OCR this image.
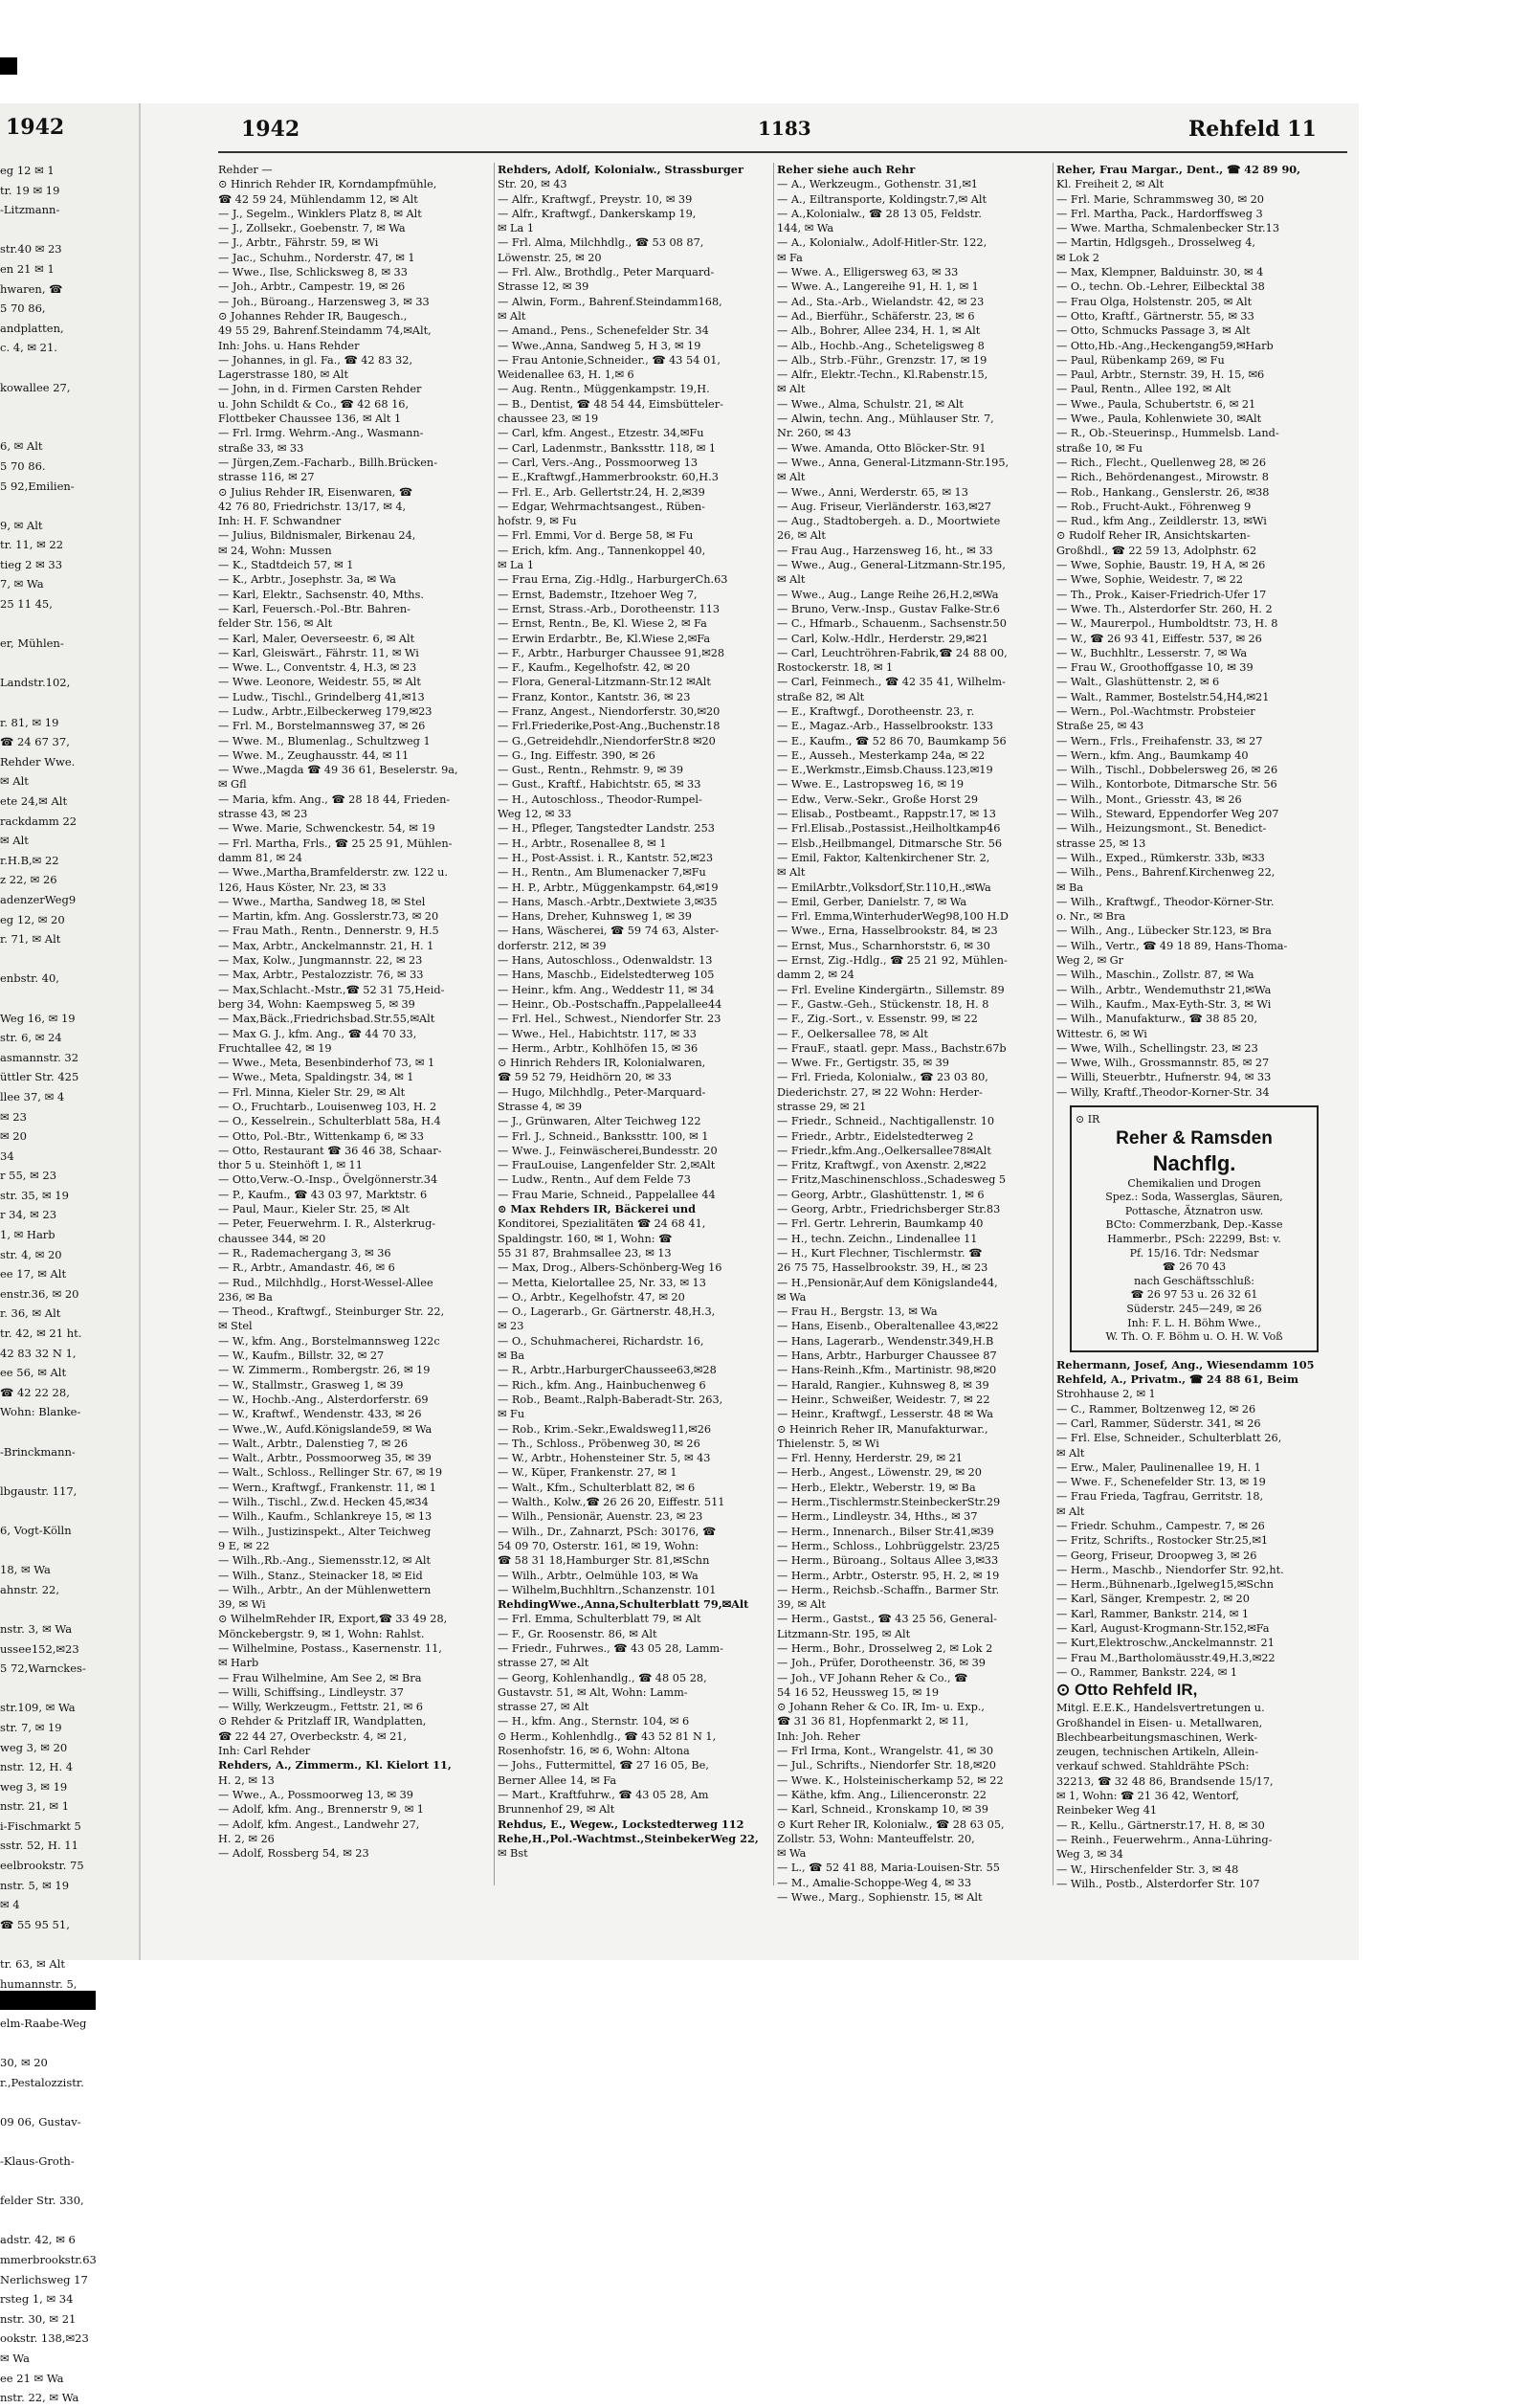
1942
eg 12 ✉ 1
tr. 19 ✉ 19
-Litzmann-
str.40 ✉ 23
en 21 ✉ 1
hwaren, ☎
5 70 86,
andplatten,
c. 4, ✉ 21.
kowallee 27,
6, ✉ Alt
5 70 86.
5 92,Emilien-
9, ✉ Alt
tr. 11, ✉ 22
tieg 2 ✉ 33
7, ✉ Wa
25 11 45,
er, Mühlen-
Landstr.102,
r. 81, ✉ 19
☎ 24 67 37,
Rehder Wwe.
✉ Alt
ete 24,✉ Alt
rackdamm 22
✉ Alt
r.H.B,✉ 22
z 22, ✉ 26
adenzerWeg9
eg 12, ✉ 20
r. 71, ✉ Alt
enbstr. 40,
Weg 16, ✉ 19
str. 6, ✉ 24
asmannstr. 32
üttler Str. 425
llee 37, ✉ 4
✉ 23
✉ 20
34
r 55, ✉ 23
str. 35, ✉ 19
r 34, ✉ 23
1, ✉ Harb
str. 4, ✉ 20
ee 17, ✉ Alt
enstr.36, ✉ 20
r. 36, ✉ Alt
tr. 42, ✉ 21 ht.
42 83 32 N 1,
ee 56, ✉ Alt
☎ 42 22 28,
Wohn: Blanke-
-Brinckmann-
lbgaustr. 117,
6, Vogt-Kölln
18, ✉ Wa
ahnstr. 22,
nstr. 3, ✉ Wa
ussee152,✉23
5 72,Warnckes-
str.109, ✉ Wa
str. 7, ✉ 19
weg 3, ✉ 20
nstr. 12, H. 4
weg 3, ✉ 19
nstr. 21, ✉ 1
i-Fischmarkt 5
sstr. 52, H. 11
eelbrookstr. 75
nstr. 5, ✉ 19
✉ 4
☎ 55 95 51,
tr. 63, ✉ Alt
humannstr. 5,
elm-Raabe-Weg
30, ✉ 20
r.,Pestalozzistr.
09 06, Gustav-
-Klaus-Groth-
felder Str. 330,
adstr. 42, ✉ 6
mmerbrookstr.63
Nerlichsweg 17
rsteg 1, ✉ 34
nstr. 30, ✉ 21
ookstr. 138,✉23
✉ Wa
ee 21 ✉ Wa
nstr. 22, ✉ Wa
1942	1183	Rehfeld 11
Rehder —
⊙ Hinrich Rehder IR, Korndampfmühle,
☎ 42 59 24, Mühlendamm 12, ✉ Alt
— J., Segelm., Winklers Platz 8, ✉ Alt
— J., Zollsekr., Goebenstr. 7, ✉ Wa
— J., Arbtr., Fährstr. 59, ✉ Wi
— Jac., Schuhm., Norderstr. 47, ✉ 1
— Wwe., Ilse, Schlicksweg 8, ✉ 33
— Joh., Arbtr., Campestr. 19, ✉ 26
— Joh., Büroang., Harzensweg 3, ✉ 33
⊙ Johannes Rehder IR, Baugesch.,
49 55 29, Bahrenf.Steindamm 74,✉Alt,
Inh: Johs. u. Hans Rehder
— Johannes, in gl. Fa., ☎ 42 83 32,
Lagerstrasse 180, ✉ Alt
— John, in d. Firmen Carsten Rehder
u. John Schildt & Co., ☎ 42 68 16,
Flottbeker Chaussee 136, ✉ Alt 1
— Frl. Irmg. Wehrm.-Ang., Wasmann-
straße 33, ✉ 33
— Jürgen,Zem.-Facharb., Billh.Brücken-
strasse 116, ✉ 27
⊙ Julius Rehder IR, Eisenwaren, ☎
42 76 80, Friedrichstr. 13/17, ✉ 4,
Inh: H. F. Schwandner
— Julius, Bildnismaler, Birkenau 24,
✉ 24, Wohn: Mussen
— K., Stadtdeich 57, ✉ 1
— K., Arbtr., Josephstr. 3a, ✉ Wa
— Karl, Elektr., Sachsenstr. 40, Mths.
— Karl, Feuersch.-Pol.-Btr. Bahren-
felder Str. 156, ✉ Alt
— Karl, Maler, Oeverseestr. 6, ✉ Alt
— Karl, Gleiswärt., Fährstr. 11, ✉ Wi
— Wwe. L., Conventstr. 4, H.3, ✉ 23
— Wwe. Leonore, Weidestr. 55, ✉ Alt
— Ludw., Tischl., Grindelberg 41,✉13
— Ludw., Arbtr.,Eilbeckerweg 179,✉23
— Frl. M., Borstelmannsweg 37, ✉ 26
— Wwe. M., Blumenlag., Schultzweg 1
— Wwe. M., Zeughausstr. 44, ✉ 11
— Wwe.,Magda ☎ 49 36 61, Beselerstr. 9a,
✉ Gfl
— Maria, kfm. Ang., ☎ 28 18 44, Frieden-
strasse 43, ✉ 23
— Wwe. Marie, Schwenckestr. 54, ✉ 19
— Frl. Martha, Frls., ☎ 25 25 91, Mühlen-
damm 81, ✉ 24
— Wwe.,Martha,Bramfelderstr. zw. 122 u.
126, Haus Köster, Nr. 23, ✉ 33
— Wwe., Martha, Sandweg 18, ✉ Stel
— Martin, kfm. Ang. Gosslerstr.73, ✉ 20
— Frau Math., Rentn., Dennerstr. 9, H.5
— Max, Arbtr., Anckelmannstr. 21, H. 1
— Max, Kolw., Jungmannstr. 22, ✉ 23
— Max, Arbtr., Pestalozzistr. 76, ✉ 33
— Max,Schlacht.-Mstr.,☎ 52 31 75,Heid-
berg 34, Wohn: Kaempsweg 5, ✉ 39
— Max,Bäck.,Friedrichsbad.Str.55,✉Alt
— Max G. J., kfm. Ang., ☎ 44 70 33,
Fruchtallee 42, ✉ 19
— Wwe., Meta, Besenbinderhof 73, ✉ 1
— Wwe., Meta, Spaldingstr. 34, ✉ 1
— Frl. Minna, Kieler Str. 29, ✉ Alt
— O., Fruchtarb., Louisenweg 103, H. 2
— O., Kesselrein., Schulterblatt 58a, H.4
— Otto, Pol.-Btr., Wittenkamp 6, ✉ 33
— Otto, Restaurant ☎ 36 46 38, Schaar-
thor 5 u. Steinhöft 1, ✉ 11
— Otto,Verw.-O.-Insp., Övelgönnerstr.34
— P., Kaufm., ☎ 43 03 97, Marktstr. 6
— Paul, Maur., Kieler Str. 25, ✉ Alt
— Peter, Feuerwehrm. I. R., Alsterkrug-
chaussee 344, ✉ 20
— R., Rademachergang 3, ✉ 36
— R., Arbtr., Amandastr. 46, ✉ 6
— Rud., Milchhdlg., Horst-Wessel-Allee
236, ✉ Ba
— Theod., Kraftwgf., Steinburger Str. 22,
✉ Stel
— W., kfm. Ang., Borstelmannsweg 122c
— W., Kaufm., Billstr. 32, ✉ 27
— W. Zimmerm., Rombergstr. 26, ✉ 19
— W., Stallmstr., Grasweg 1, ✉ 39
— W., Hochb.-Ang., Alsterdorferstr. 69
— W., Kraftwf., Wendenstr. 433, ✉ 26
— Wwe.,W., Aufd.Königslande59, ✉ Wa
— Walt., Arbtr., Dalenstieg 7, ✉ 26
— Walt., Arbtr., Possmoorweg 35, ✉ 39
— Walt., Schloss., Rellinger Str. 67, ✉ 19
— Wern., Kraftwgf., Frankenstr. 11, ✉ 1
— Wilh., Tischl., Zw.d. Hecken 45,✉34
— Wilh., Kaufm., Schlankreye 15, ✉ 13
— Wilh., Justizinspekt., Alter Teichweg
9 E, ✉ 22
— Wilh.,Rb.-Ang., Siemensstr.12, ✉ Alt
— Wilh., Stanz., Steinacker 18, ✉ Eid
— Wilh., Arbtr., An der Mühlenwettern
39, ✉ Wi
⊙ WilhelmRehder IR, Export,☎ 33 49 28,
Mönckebergstr. 9, ✉ 1, Wohn: Rahlst.
— Wilhelmine, Postass., Kasernenstr. 11,
✉ Harb
— Frau Wilhelmine, Am See 2, ✉ Bra
— Willi, Schiffsing., Lindleystr. 37
— Willy, Werkzeugm., Fettstr. 21, ✉ 6
⊙ Rehder & Pritzlaff IR, Wandplatten,
☎ 22 44 27, Overbeckstr. 4, ✉ 21,
Inh: Carl Rehder
Rehders, A., Zimmerm., Kl. Kielort 11,
H. 2, ✉ 13
— Wwe., A., Possmoorweg 13, ✉ 39
— Adolf, kfm. Ang., Brennerstr 9, ✉ 1
— Adolf, kfm. Angest., Landwehr 27,
H. 2, ✉ 26
— Adolf, Rossberg 54, ✉ 23
Rehders, Adolf, Kolonialw., Strassburger
Str. 20, ✉ 43
— Alfr., Kraftwgf., Preystr. 10, ✉ 39
— Alfr., Kraftwgf., Dankerskamp 19,
✉ La 1
— Frl. Alma, Milchhdlg., ☎ 53 08 87,
Löwenstr. 25, ✉ 20
— Frl. Alw., Brothdlg., Peter Marquard-
Strasse 12, ✉ 39
— Alwin, Form., Bahrenf.Steindamm168,
✉ Alt
— Amand., Pens., Schenefelder Str. 34
— Wwe.,Anna, Sandweg 5, H 3, ✉ 19
— Frau Antonie,Schneider., ☎ 43 54 01,
Weidenallee 63, H. 1,✉ 6
— Aug. Rentn., Müggenkampstr. 19,H.
— B., Dentist, ☎ 48 54 44, Eimsbütteler-
chaussee 23, ✉ 19
— Carl, kfm. Angest., Etzestr. 34,✉Fu
— Carl, Ladenmstr., Bankssttr. 118, ✉ 1
— Carl, Vers.-Ang., Possmoorweg 13
— E.,Kraftwgf.,Hammerbrookstr. 60,H.3
— Frl. E., Arb. Gellertstr.24, H. 2,✉39
— Edgar, Wehrmachtsangest., Rüben-
hofstr. 9, ✉ Fu
— Frl. Emmi, Vor d. Berge 58, ✉ Fu
— Erich, kfm. Ang., Tannenkoppel 40,
✉ La 1
— Frau Erna, Zig.-Hdlg., HarburgerCh.63
— Ernst, Bademstr., Itzehoer Weg 7,
— Ernst, Strass.-Arb., Dorotheenstr. 113
— Ernst, Rentn., Be, Kl. Wiese 2, ✉ Fa
— Erwin Erdarbtr., Be, Kl.Wiese 2,✉Fa
— F., Arbtr., Harburger Chaussee 91,✉28
— F., Kaufm., Kegelhofstr. 42, ✉ 20
— Flora, General-Litzmann-Str.12 ✉Alt
— Franz, Kontor., Kantstr. 36, ✉ 23
— Franz, Angest., Niendorferstr. 30,✉20
— Frl.Friederike,Post-Ang.,Buchenstr.18
— G.,Getreidehdlr.,NiendorferStr.8 ✉20
— G., Ing. Eiffestr. 390, ✉ 26
— Gust., Rentn., Rehmstr. 9, ✉ 39
— Gust., Kraftf., Habichtstr. 65, ✉ 33
— H., Autoschloss., Theodor-Rumpel-
Weg 12, ✉ 33
— H., Pfleger, Tangstedter Landstr. 253
— H., Arbtr., Rosenallee 8, ✉ 1
— H., Post-Assist. i. R., Kantstr. 52,✉23
— H., Rentn., Am Blumenacker 7,✉Fu
— H. P., Arbtr., Müggenkampstr. 64,✉19
— Hans, Masch.-Arbtr.,Dextwiete 3,✉35
— Hans, Dreher, Kuhnsweg 1, ✉ 39
— Hans, Wäscherei, ☎ 59 74 63, Alster-
dorferstr. 212, ✉ 39
— Hans, Autoschloss., Odenwaldstr. 13
— Hans, Maschb., Eidelstedterweg 105
— Heinr., kfm. Ang., Weddestr 11, ✉ 34
— Heinr., Ob.-Postschaffn.,Pappelallee44
— Frl. Hel., Schwest., Niendorfer Str. 23
— Wwe., Hel., Habichtstr. 117, ✉ 33
— Herm., Arbtr., Kohlhöfen 15, ✉ 36
⊙ Hinrich Rehders IR, Kolonialwaren,
☎ 59 52 79, Heidhörn 20, ✉ 33
— Hugo, Milchhdlg., Peter-Marquard-
Strasse 4, ✉ 39
— J., Grünwaren, Alter Teichweg 122
— Frl. J., Schneid., Bankssttr. 100, ✉ 1
— Wwe. J., Feinwäscherei,Bundesstr. 20
— FrauLouise, Langenfelder Str. 2,✉Alt
— Ludw., Rentn., Auf dem Felde 73
— Frau Marie, Schneid., Pappelallee 44
⊙ Max Rehders IR, Bäckerei und
Konditorei, Spezialitäten ☎ 24 68 41,
Spaldingstr. 160, ✉ 1, Wohn: ☎
55 31 87, Brahmsallee 23, ✉ 13
— Max, Drog., Albers-Schönberg-Weg 16
— Metta, Kielortallee 25, Nr. 33, ✉ 13
— O., Arbtr., Kegelhofstr. 47, ✉ 20
— O., Lagerarb., Gr. Gärtnerstr. 48,H.3,
✉ 23
— O., Schuhmacherei, Richardstr. 16,
✉ Ba
— R., Arbtr.,HarburgerChaussee63,✉28
— Rich., kfm. Ang., Hainbuchenweg 6
— Rob., Beamt.,Ralph-Baberadt-Str. 263,
✉ Fu
— Rob., Krim.-Sekr.,Ewaldsweg11,✉26
— Th., Schloss., Pröbenweg 30, ✉ 26
— W., Arbtr., Hohensteiner Str. 5, ✉ 43
— W., Küper, Frankenstr. 27, ✉ 1
— Walt., Kfm., Schulterblatt 82, ✉ 6
— Walth., Kolw.,☎ 26 26 20, Eiffestr. 511
— Wilh., Pensionär, Auenstr. 23, ✉ 23
— Wilh., Dr., Zahnarzt, PSch: 30176, ☎
54 09 70, Osterstr. 161, ✉ 19, Wohn:
☎ 58 31 18,Hamburger Str. 81,✉Schn
— Wilh., Arbtr., Oelmühle 103, ✉ Wa
— Wilhelm,Buchhltrn.,Schanzenstr. 101
RehdingWwe.,Anna,Schulterblatt 79,✉Alt
— Frl. Emma, Schulterblatt 79, ✉ Alt
— F., Gr. Roosenstr. 86, ✉ Alt
— Friedr., Fuhrwes., ☎ 43 05 28, Lamm-
strasse 27, ✉ Alt
— Georg, Kohlenhandlg., ☎ 48 05 28,
Gustavstr. 51, ✉ Alt, Wohn: Lamm-
strasse 27, ✉ Alt
— H., kfm. Ang., Sternstr. 104, ✉ 6
⊙ Herm., Kohlenhdlg., ☎ 43 52 81 N 1,
Rosenhofstr. 16, ✉ 6, Wohn: Altona
— Johs., Futtermittel, ☎ 27 16 05, Be,
Berner Allee 14, ✉ Fa
— Mart., Kraftfuhrw., ☎ 43 05 28, Am
Brunnenhof 29, ✉ Alt
Rehdus, E., Wegew., Lockstedterweg 112
Rehe,H.,Pol.-Wachtmst.,SteinbekerWeg 22,
✉ Bst
Reher siehe auch Rehr
— A., Werkzeugm., Gothenstr. 31,✉1
— A., Eiltransporte, Koldingstr.7,✉ Alt
— A.,Kolonialw., ☎ 28 13 05, Feldstr.
144, ✉ Wa
— A., Kolonialw., Adolf-Hitler-Str. 122,
✉ Fa
— Wwe. A., Elligersweg 63, ✉ 33
— Wwe. A., Langereihe 91, H. 1, ✉ 1
— Ad., Sta.-Arb., Wielandstr. 42, ✉ 23
— Ad., Bierführ., Schäferstr. 23, ✉ 6
— Alb., Bohrer, Allee 234, H. 1, ✉ Alt
— Alb., Hochb.-Ang., Scheteligsweg 8
— Alb., Strb.-Führ., Grenzstr. 17, ✉ 19
— Alfr., Elektr.-Techn., Kl.Rabenstr.15,
✉ Alt
— Wwe., Alma, Schulstr. 21, ✉ Alt
— Alwin, techn. Ang., Mühlauser Str. 7,
Nr. 260, ✉ 43
— Wwe. Amanda, Otto Blöcker-Str. 91
— Wwe., Anna, General-Litzmann-Str.195,
✉ Alt
— Wwe., Anni, Werderstr. 65, ✉ 13
— Aug. Friseur, Vierländerstr. 163,✉27
— Aug., Stadtobergeh. a. D., Moortwiete
26, ✉ Alt
— Frau Aug., Harzensweg 16, ht., ✉ 33
— Wwe., Aug., General-Litzmann-Str.195,
✉ Alt
— Wwe., Aug., Lange Reihe 26,H.2,✉Wa
— Bruno, Verw.-Insp., Gustav Falke-Str.6
— C., Hfmarb., Schauenm., Sachsenstr.50
— Carl, Kolw.-Hdlr., Herderstr. 29,✉21
— Carl, Leuchtröhren-Fabrik,☎ 24 88 00,
Rostockerstr. 18, ✉ 1
— Carl, Feinmech., ☎ 42 35 41, Wilhelm-
straße 82, ✉ Alt
— E., Kraftwgf., Dorotheenstr. 23, r.
— E., Magaz.-Arb., Hasselbrookstr. 133
— E., Kaufm., ☎ 52 86 70, Baumkamp 56
— E., Ausseh., Mesterkamp 24a, ✉ 22
— E.,Werkmstr.,Eimsb.Chauss.123,✉19
— Wwe. E., Lastropsweg 16, ✉ 19
— Edw., Verw.-Sekr., Große Horst 29
— Elisab., Postbeamt., Rappstr.17, ✉ 13
— Frl.Elisab.,Postassist.,Heilholtkamp46
— Elsb.,Heilbmangel, Ditmarsche Str. 56
— Emil, Faktor, Kaltenkirchener Str. 2,
✉ Alt
— EmilArbtr.,Volksdorf,Str.110,H.,✉Wa
— Emil, Gerber, Danielstr. 7, ✉ Wa
— Frl. Emma,WinterhuderWeg98,100 H.D
— Wwe., Erna, Hasselbrookstr. 84, ✉ 23
— Ernst, Mus., Scharnhorststr. 6, ✉ 30
— Ernst, Zig.-Hdlg., ☎ 25 21 92, Mühlen-
damm 2, ✉ 24
— Frl. Eveline Kindergärtn., Sillemstr. 89
— F., Gastw.-Geh., Stückenstr. 18, H. 8
— F., Zig.-Sort., v. Essenstr. 99, ✉ 22
— F., Oelkersallee 78, ✉ Alt
— FrauF., staatl. gepr. Mass., Bachstr.67b
— Wwe. Fr., Gertigstr. 35, ✉ 39
— Frl. Frieda, Kolonialw., ☎ 23 03 80,
Diederichstr. 27, ✉ 22 Wohn: Herder-
strasse 29, ✉ 21
— Friedr., Schneid., Nachtigallenstr. 10
— Friedr., Arbtr., Eidelstedterweg 2
— Friedr.,kfm.Ang.,Oelkersallee78✉Alt
— Fritz, Kraftwgf., von Axenstr. 2,✉22
— Fritz,Maschinenschloss.,Schadesweg 5
— Georg, Arbtr., Glashüttenstr. 1, ✉ 6
— Georg, Arbtr., Friedrichsberger Str.83
— Frl. Gertr. Lehrerin, Baumkamp 40
— H., techn. Zeichn., Lindenallee 11
— H., Kurt Flechner, Tischlermstr. ☎
26 75 75, Hasselbrookstr. 39, H., ✉ 23
— H.,Pensionär,Auf dem Königslande44,
✉ Wa
— Frau H., Bergstr. 13, ✉ Wa
— Hans, Eisenb., Oberaltenallee 43,✉22
— Hans, Lagerarb., Wendenstr.349,H.B
— Hans, Arbtr., Harburger Chaussee 87
— Hans-Reinh.,Kfm., Martinistr. 98,✉20
— Harald, Rangier., Kuhnsweg 8, ✉ 39
— Heinr., Schweißer, Weidestr. 7, ✉ 22
— Heinr., Kraftwgf., Lesserstr. 48 ✉ Wa
⊙ Heinrich Reher IR, Manufakturwar.,
Thielenstr. 5, ✉ Wi
— Frl. Henny, Herderstr. 29, ✉ 21
— Herb., Angest., Löwenstr. 29, ✉ 20
— Herb., Elektr., Weberstr. 19, ✉ Ba
— Herm.,Tischlermstr.SteinbeckerStr.29
— Herm., Lindleystr. 34, Hths., ✉ 37
— Herm., Innenarch., Bilser Str.41,✉39
— Herm., Schloss., Lohbrüggelstr. 23/25
— Herm., Büroang., Soltaus Allee 3,✉33
— Herm., Arbtr., Osterstr. 95, H. 2, ✉ 19
— Herm., Reichsb.-Schaffn., Barmer Str.
39, ✉ Alt
— Herm., Gastst., ☎ 43 25 56, General-
Litzmann-Str. 195, ✉ Alt
— Herm., Bohr., Drosselweg 2, ✉ Lok 2
— Joh., Prüfer, Dorotheenstr. 36, ✉ 39
— Joh., VF Johann Reher & Co., ☎
54 16 52, Heussweg 15, ✉ 19
⊙ Johann Reher & Co. IR, Im- u. Exp.,
☎ 31 36 81, Hopfenmarkt 2, ✉ 11,
Inh: Joh. Reher
— Frl Irma, Kont., Wrangelstr. 41, ✉ 30
— Jul., Schrifts., Niendorfer Str. 18,✉20
— Wwe. K., Holsteinischerkamp 52, ✉ 22
— Käthe, kfm. Ang., Lilienceronstr. 22
— Karl, Schneid., Kronskamp 10, ✉ 39
⊙ Kurt Reher IR, Kolonialw., ☎ 28 63 05,
Zollstr. 53, Wohn: Manteuffelstr. 20,
✉ Wa
— L., ☎ 52 41 88, Maria-Louisen-Str. 55
— M., Amalie-Schoppe-Weg 4, ✉ 33
— Wwe., Marg., Sophienstr. 15, ✉ Alt
Reher, Frau Margar., Dent., ☎ 42 89 90,
Kl. Freiheit 2, ✉ Alt
— Frl. Marie, Schrammsweg 30, ✉ 20
— Frl. Martha, Pack., Hardorffsweg 3
— Wwe. Martha, Schmalenbecker Str.13
— Martin, Hdlgsgeh., Drosselweg 4,
✉ Lok 2
— Max, Klempner, Balduinstr. 30, ✉ 4
— O., techn. Ob.-Lehrer, Eilbecktal 38
— Frau Olga, Holstenstr. 205, ✉ Alt
— Otto, Kraftf., Gärtnerstr. 55, ✉ 33
— Otto, Schmucks Passage 3, ✉ Alt
— Otto,Hb.-Ang.,Heckengang59,✉Harb
— Paul, Rübenkamp 269, ✉ Fu
— Paul, Arbtr., Sternstr. 39, H. 15, ✉6
— Paul, Rentn., Allee 192, ✉ Alt
— Wwe., Paula, Schubertstr. 6, ✉ 21
— Wwe., Paula, Kohlenwiete 30, ✉Alt
— R., Ob.-Steuerinsp., Hummelsb. Land-
straße 10, ✉ Fu
— Rich., Flecht., Quellenweg 28, ✉ 26
— Rich., Behördenangest., Mirowstr. 8
— Rob., Hankang., Genslerstr. 26, ✉38
— Rob., Frucht-Aukt., Föhrenweg 9
— Rud., kfm Ang., Zeildlerstr. 13, ✉Wi
⊙ Rudolf Reher IR, Ansichtskarten-
Großhdl., ☎ 22 59 13, Adolphstr. 62
— Wwe, Sophie, Baustr. 19, H A, ✉ 26
— Wwe, Sophie, Weidestr. 7, ✉ 22
— Th., Prok., Kaiser-Friedrich-Ufer 17
— Wwe. Th., Alsterdorfer Str. 260, H. 2
— W., Maurerpol., Humboldtstr. 73, H. 8
— W., ☎ 26 93 41, Eiffestr. 537, ✉ 26
— W., Buchhltr., Lesserstr. 7, ✉ Wa
— Frau W., Groothoffgasse 10, ✉ 39
— Walt., Glashüttenstr. 2, ✉ 6
— Walt., Rammer, Bostelstr.54,H4,✉21
— Wern., Pol.-Wachtmstr. Probsteier
Straße 25, ✉ 43
— Wern., Frls., Freihafenstr. 33, ✉ 27
— Wern., kfm. Ang., Baumkamp 40
— Wilh., Tischl., Dobbelersweg 26, ✉ 26
— Wilh., Kontorbote, Ditmarsche Str. 56
— Wilh., Mont., Griesstr. 43, ✉ 26
— Wilh., Steward, Eppendorfer Weg 207
— Wilh., Heizungsmont., St. Benedict-
strasse 25, ✉ 13
— Wilh., Exped., Rümkerstr. 33b, ✉33
— Wilh., Pens., Bahrenf.Kirchenweg 22,
✉ Ba
— Wilh., Kraftwgf., Theodor-Körner-Str.
o. Nr., ✉ Bra
— Wilh., Ang., Lübecker Str.123, ✉ Bra
— Wilh., Vertr., ☎ 49 18 89, Hans-Thoma-
Weg 2, ✉ Gr
— Wilh., Maschin., Zollstr. 87, ✉ Wa
— Wilh., Arbtr., Wendemuthstr 21,✉Wa
— Wilh., Kaufm., Max-Eyth-Str. 3, ✉ Wi
— Wilh., Manufakturw., ☎ 38 85 20,
Wittestr. 6, ✉ Wi
— Wwe, Wilh., Schellingstr. 23, ✉ 23
— Wwe, Wilh., Grossmannstr. 85, ✉ 27
— Willi, Steuerbtr., Hufnerstr. 94, ✉ 33
— Willy, Kraftf.,Theodor-Korner-Str. 34
⊙ IR
Reher & Ramsden
Nachflg.
Chemikalien und Drogen
Spez.: Soda, Wasserglas, Säuren,
Pottasche, Ätznatron usw.
BCto: Commerzbank, Dep.-Kasse
Hammerbr., PSch: 22299, Bst: v.
Pf. 15/16. Tdr: Nedsmar
☎ 26 70 43
nach Geschäftsschluß:
☎ 26 97 53 u. 26 32 61
Süderstr. 245—249, ✉ 26
Inh: F. L. H. Böhm Wwe.,
W. Th. O. F. Böhm u. O. H. W. Voß
Rehermann, Josef, Ang., Wiesendamm 105
Rehfeld, A., Privatm., ☎ 24 88 61, Beim
Strohhause 2, ✉ 1
— C., Rammer, Boltzenweg 12, ✉ 26
— Carl, Rammer, Süderstr. 341, ✉ 26
— Frl. Else, Schneider., Schulterblatt 26,
✉ Alt
— Erw., Maler, Paulinenallee 19, H. 1
— Wwe. F., Schenefelder Str. 13, ✉ 19
— Frau Frieda, Tagfrau, Gerritstr. 18,
✉ Alt
— Friedr. Schuhm., Campestr. 7, ✉ 26
— Fritz, Schrifts., Rostocker Str.25,✉1
— Georg, Friseur, Droopweg 3, ✉ 26
— Herm., Maschb., Niendorfer Str. 92,ht.
— Herm.,Bühnenarb.,Igelweg15,✉Schn
— Karl, Sänger, Krempestr. 2, ✉ 20
— Karl, Rammer, Bankstr. 214, ✉ 1
— Karl, August-Krogmann-Str.152,✉Fa
— Kurt,Elektroschw.,Anckelmannstr. 21
— Frau M.,Bartholomäusstr.49,H.3,✉22
— O., Rammer, Bankstr. 224, ✉ 1
⊙ Otto Rehfeld IR,
Mitgl. E.E.K., Handelsvertretungen u.
Großhandel in Eisen- u. Metallwaren,
Blechbearbeitungsmaschinen, Werk-
zeugen, technischen Artikeln, Allein-
verkauf schwed. Stahldrähte PSch:
32213, ☎ 32 48 86, Brandsende 15/17,
✉ 1, Wohn: ☎ 21 36 42, Wentorf,
Reinbeker Weg 41
— R., Kellu., Gärtnerstr.17, H. 8, ✉ 30
— Reinh., Feuerwehrm., Anna-Lühring-
Weg 3, ✉ 34
— W., Hirschenfelder Str. 3, ✉ 48
— Wilh., Postb., Alsterdorfer Str. 107
